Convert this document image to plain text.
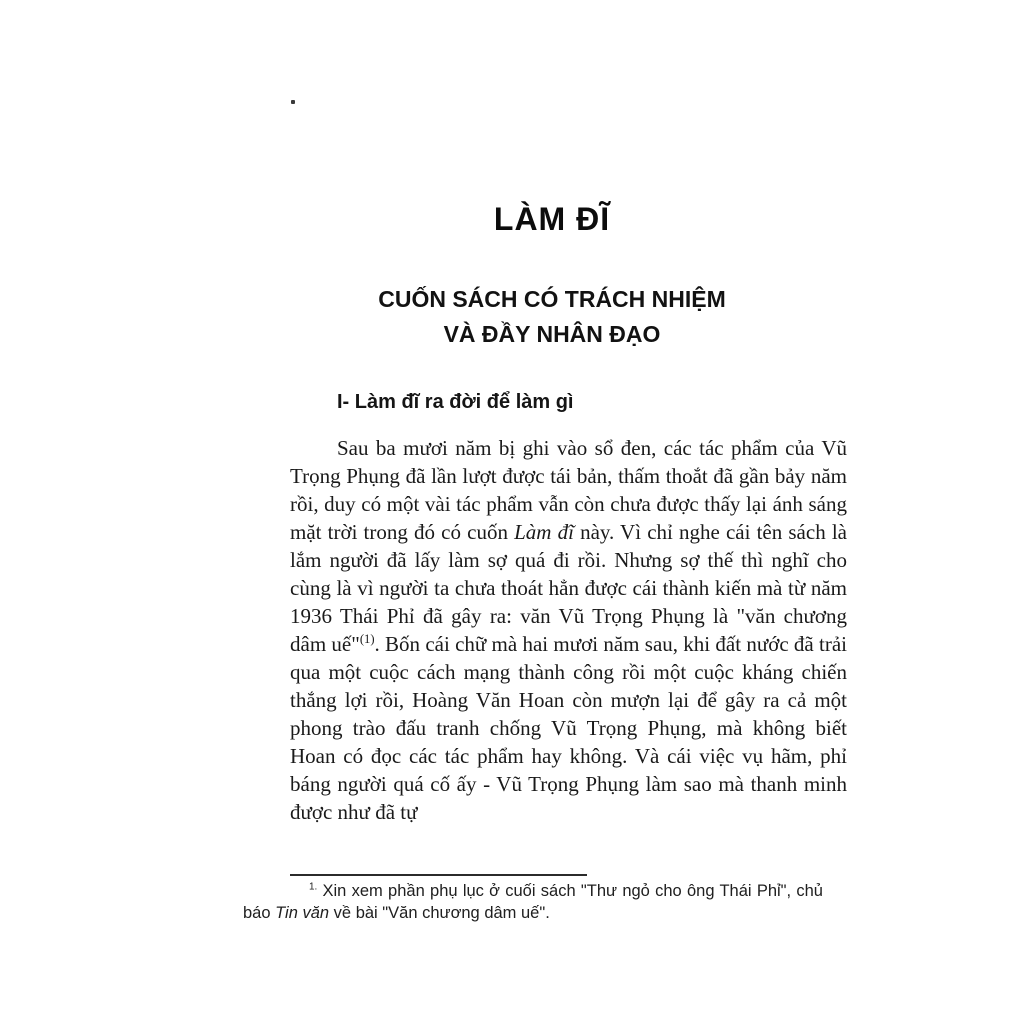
LÀM ĐĨ
CUỐN SÁCH CÓ TRÁCH NHIỆM
VÀ ĐẦY NHÂN ĐẠO
I- Làm đĩ ra đời để làm gì

Sau ba mươi năm bị ghi vào sổ đen, các tác phẩm của Vũ Trọng Phụng đã lần lượt được tái bản, thấm thoắt đã gần bảy năm rồi, duy có một vài tác phẩm vẫn còn chưa được thấy lại ánh sáng mặt trời trong đó có cuốn Làm đĩ này. Vì chỉ nghe cái tên sách là lắm người đã lấy làm sợ quá đi rồi. Nhưng sợ thế thì nghĩ cho cùng là vì người ta chưa thoát hẳn được cái thành kiến mà từ năm 1936 Thái Phỉ đã gây ra: văn Vũ Trọng Phụng là "văn chương dâm uế"$^{(1)}$. Bốn cái chữ mà hai mươi năm sau, khi đất nước đã trải qua một cuộc cách mạng thành công rồi một cuộc kháng chiến thắng lợi rồi, Hoàng Văn Hoan còn mượn lại để gây ra cả một phong trào đấu tranh chống Vũ Trọng Phụng, mà không biết Hoan có đọc các tác phẩm hay không. Và cái việc vụ hãm, phỉ báng người quá cố ấy - Vũ Trọng Phụng làm sao mà thanh minh được như đã tự

$^{1.}$ Xin xem phần phụ lục ở cuối sách "Thư ngỏ cho ông Thái Phỉ", chủ báo Tin văn về bài "Văn chương dâm uế".
